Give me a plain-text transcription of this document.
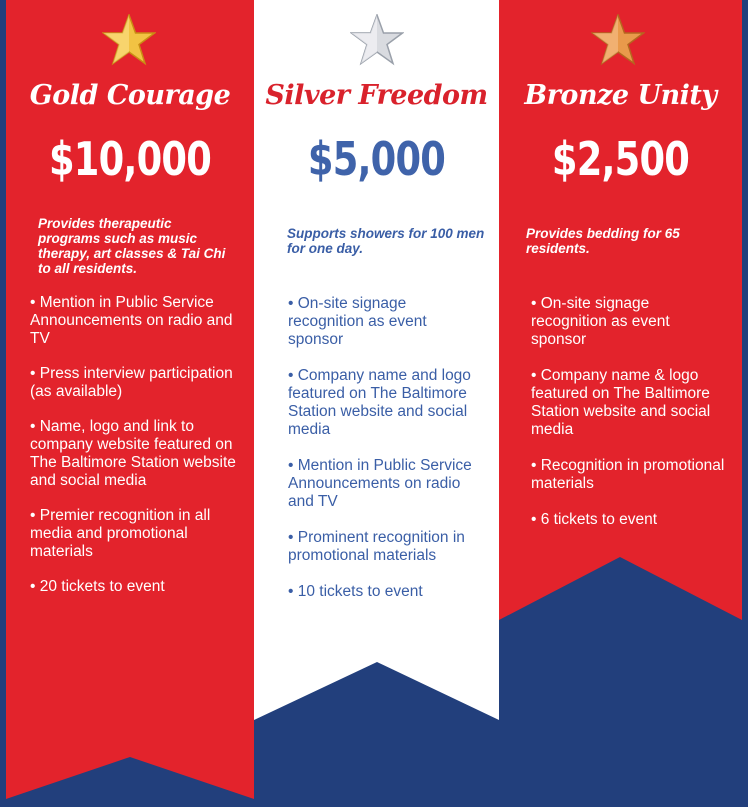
Gold Courage
$10,000
Provides therapeutic programs such as music therapy, art classes & Tai Chi to all residents.
• Mention in Public Service Announcements on radio and TV
• Press interview participation (as available)
• Name, logo and link to company website featured on The Baltimore Station website and social media
• Premier recognition in all media and promotional materials
• 20 tickets to event
Silver Freedom
$5,000
Supports showers for 100 men for one day.
• On-site signage recognition as event sponsor
• Company name and logo featured on The Baltimore Station website and social media
• Mention in Public Service Announcements on radio and TV
• Prominent recognition in promotional materials
• 10 tickets to event
Bronze Unity
$2,500
Provides bedding for 65 residents.
• On-site signage recognition as event sponsor
• Company name & logo featured on The Baltimore Station website and social media
• Recognition in promotional materials
• 6 tickets to event
